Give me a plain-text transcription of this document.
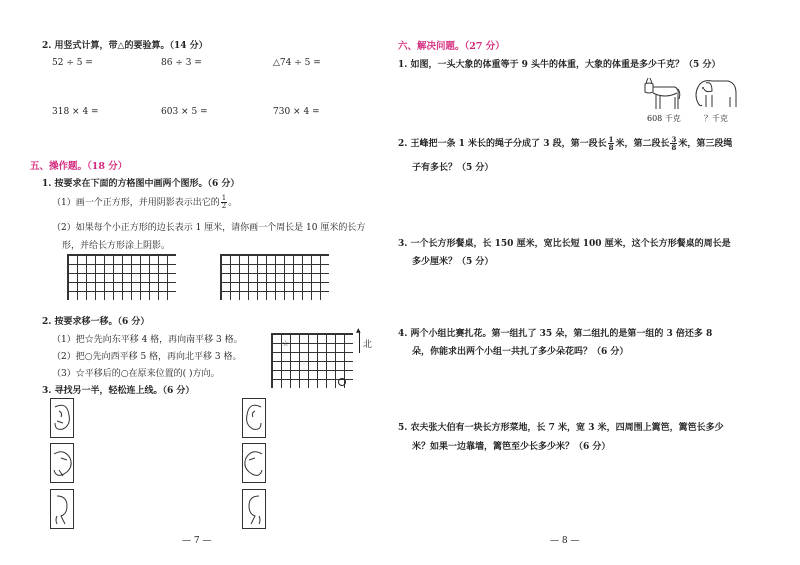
2. 用竖式计算，带△的要验算。（14 分）
52 ÷ 5 =	86 ÷ 3 =	△74 ÷ 5 =
318 × 4 =	603 × 5 =	730 × 4 =
五、操作题。（18 分）
1. 按要求在下面的方格图中画两个图形。（6 分）
（1）画一个正方形，并用阴影表示出它的 $\frac{1}{2}$ 。
（2）如果每个小正方形的边长表示 1 厘米，请你画一个周长是 10 厘米的长方
形，并给长方形涂上阴影。
2. 按要求移一移。（6 分）
（1）把☆先向东平移 4 格，再向南平移 3 格。
（2）把○先向西平移 5 格，再向北平移 3 格。
（3）☆平移后的○在原来位置的( )方向。
☆
▲
北
3. 寻找另一半，轻松连上线。（6 分）
— 7 —
六、解决问题。（27 分）
1. 如图，一头大象的体重等于 9 头牛的体重，大象的体重是多少千克？（5 分）
608 千克	？千克
2. 王峰把一条 1 米长的绳子分成了 3 段，第一段长 $\frac{1}{8}$ 米，第二段长 $\frac{3}{8}$ 米，第三段绳
子有多长？（5 分）
3. 一个长方形餐桌，长 150 厘米，宽比长短 100 厘米，这个长方形餐桌的周长是
多少厘米？（5 分）
4. 两个小组比赛扎花。第一组扎了 35 朵，第二组扎的是第一组的 3 倍还多 8
朵，你能求出两个小组一共扎了多少朵花吗？（6 分）
5. 农夫张大伯有一块长方形菜地，长 7 米，宽 3 米，四周围上篱笆，篱笆长多少
米？如果一边靠墙，篱笆至少长多少米？（6 分）
— 8 —
